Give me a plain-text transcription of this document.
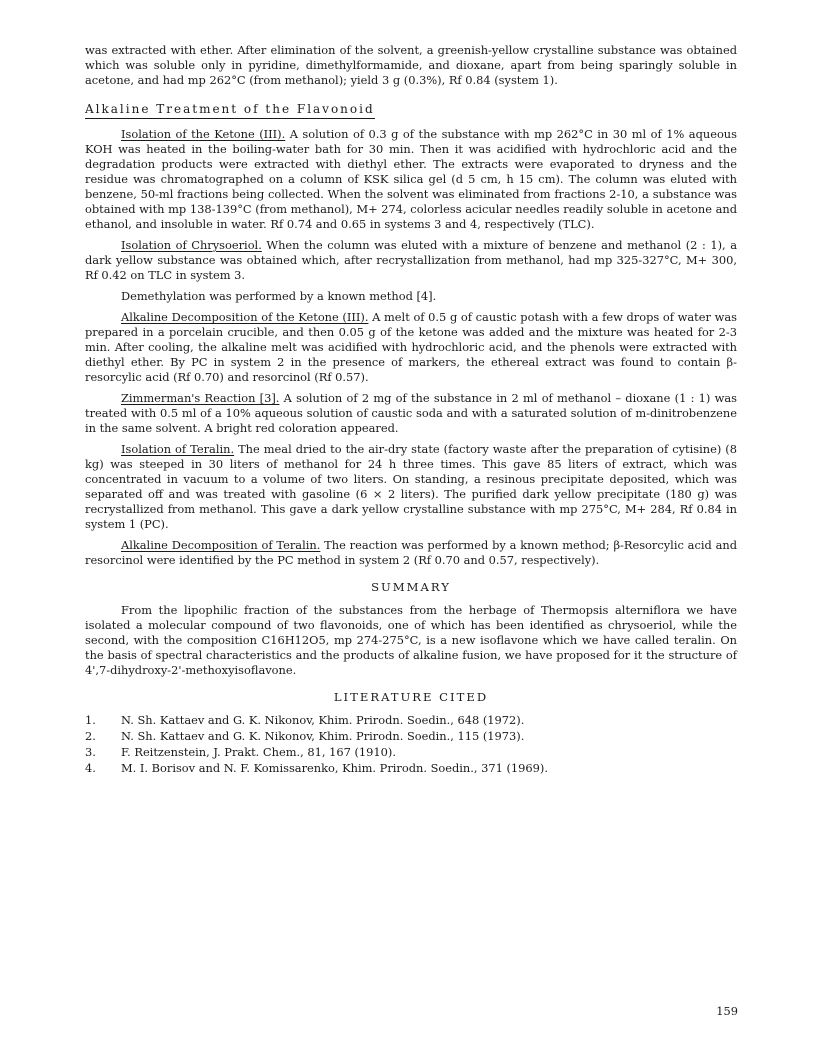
was extracted with ether. After elimination of the solvent, a greenish-yellow crystalline substance was obtained which was soluble only in pyridine, dimethylformamide, and dioxane, apart from being sparingly soluble in acetone, and had mp 262°C (from methanol); yield 3 g (0.3%), Rf 0.84 (system 1).

Alkaline Treatment of the Flavonoid

Isolation of the Ketone (III). A solution of 0.3 g of the substance with mp 262°C in 30 ml of 1% aqueous KOH was heated in the boiling-water bath for 30 min. Then it was acidified with hydrochloric acid and the degradation products were extracted with diethyl ether. The extracts were evaporated to dryness and the residue was chromatographed on a column of KSK silica gel (d 5 cm, h 15 cm). The column was eluted with benzene, 50-ml fractions being collected. When the solvent was eliminated from fractions 2-10, a substance was obtained with mp 138-139°C (from methanol), M+ 274, colorless acicular needles readily soluble in acetone and ethanol, and insoluble in water. Rf 0.74 and 0.65 in systems 3 and 4, respectively (TLC).

Isolation of Chrysoeriol. When the column was eluted with a mixture of benzene and methanol (2 : 1), a dark yellow substance was obtained which, after recrystallization from methanol, had mp 325-327°C, M+ 300, Rf 0.42 on TLC in system 3.

Demethylation was performed by a known method [4].

Alkaline Decomposition of the Ketone (III). A melt of 0.5 g of caustic potash with a few drops of water was prepared in a porcelain crucible, and then 0.05 g of the ketone was added and the mixture was heated for 2-3 min. After cooling, the alkaline melt was acidified with hydrochloric acid, and the phenols were extracted with diethyl ether. By PC in system 2 in the presence of markers, the ethereal extract was found to contain β-resorcylic acid (Rf 0.70) and resorcinol (Rf 0.57).

Zimmerman's Reaction [3]. A solution of 2 mg of the substance in 2 ml of methanol – dioxane (1 : 1) was treated with 0.5 ml of a 10% aqueous solution of caustic soda and with a saturated solution of m-dinitrobenzene in the same solvent. A bright red coloration appeared.

Isolation of Teralin. The meal dried to the air-dry state (factory waste after the preparation of cytisine) (8 kg) was steeped in 30 liters of methanol for 24 h three times. This gave 85 liters of extract, which was concentrated in vacuum to a volume of two liters. On standing, a resinous precipitate deposited, which was separated off and was treated with gasoline (6 × 2 liters). The purified dark yellow precipitate (180 g) was recrystallized from methanol. This gave a dark yellow crystalline substance with mp 275°C, M+ 284, Rf 0.84 in system 1 (PC).

Alkaline Decomposition of Teralin. The reaction was performed by a known method; β-Resorcylic acid and resorcinol were identified by the PC method in system 2 (Rf 0.70 and 0.57, respectively).

SUMMARY

From the lipophilic fraction of the substances from the herbage of Thermopsis alterniflora we have isolated a molecular compound of two flavonoids, one of which has been identified as chrysoeriol, while the second, with the composition C16H12O5, mp 274-275°C, is a new isoflavone which we have called teralin. On the basis of spectral characteristics and the products of alkaline fusion, we have proposed for it the structure of 4',7-dihydroxy-2'-methoxyisoflavone.

LITERATURE CITED
1.	N. Sh. Kattaev and G. K. Nikonov, Khim. Prirodn. Soedin., 648 (1972).
2.	N. Sh. Kattaev and G. K. Nikonov, Khim. Prirodn. Soedin., 115 (1973).
3.	F. Reitzenstein, J. Prakt. Chem., 81, 167 (1910).
4.	M. I. Borisov and N. F. Komissarenko, Khim. Prirodn. Soedin., 371 (1969).
159
